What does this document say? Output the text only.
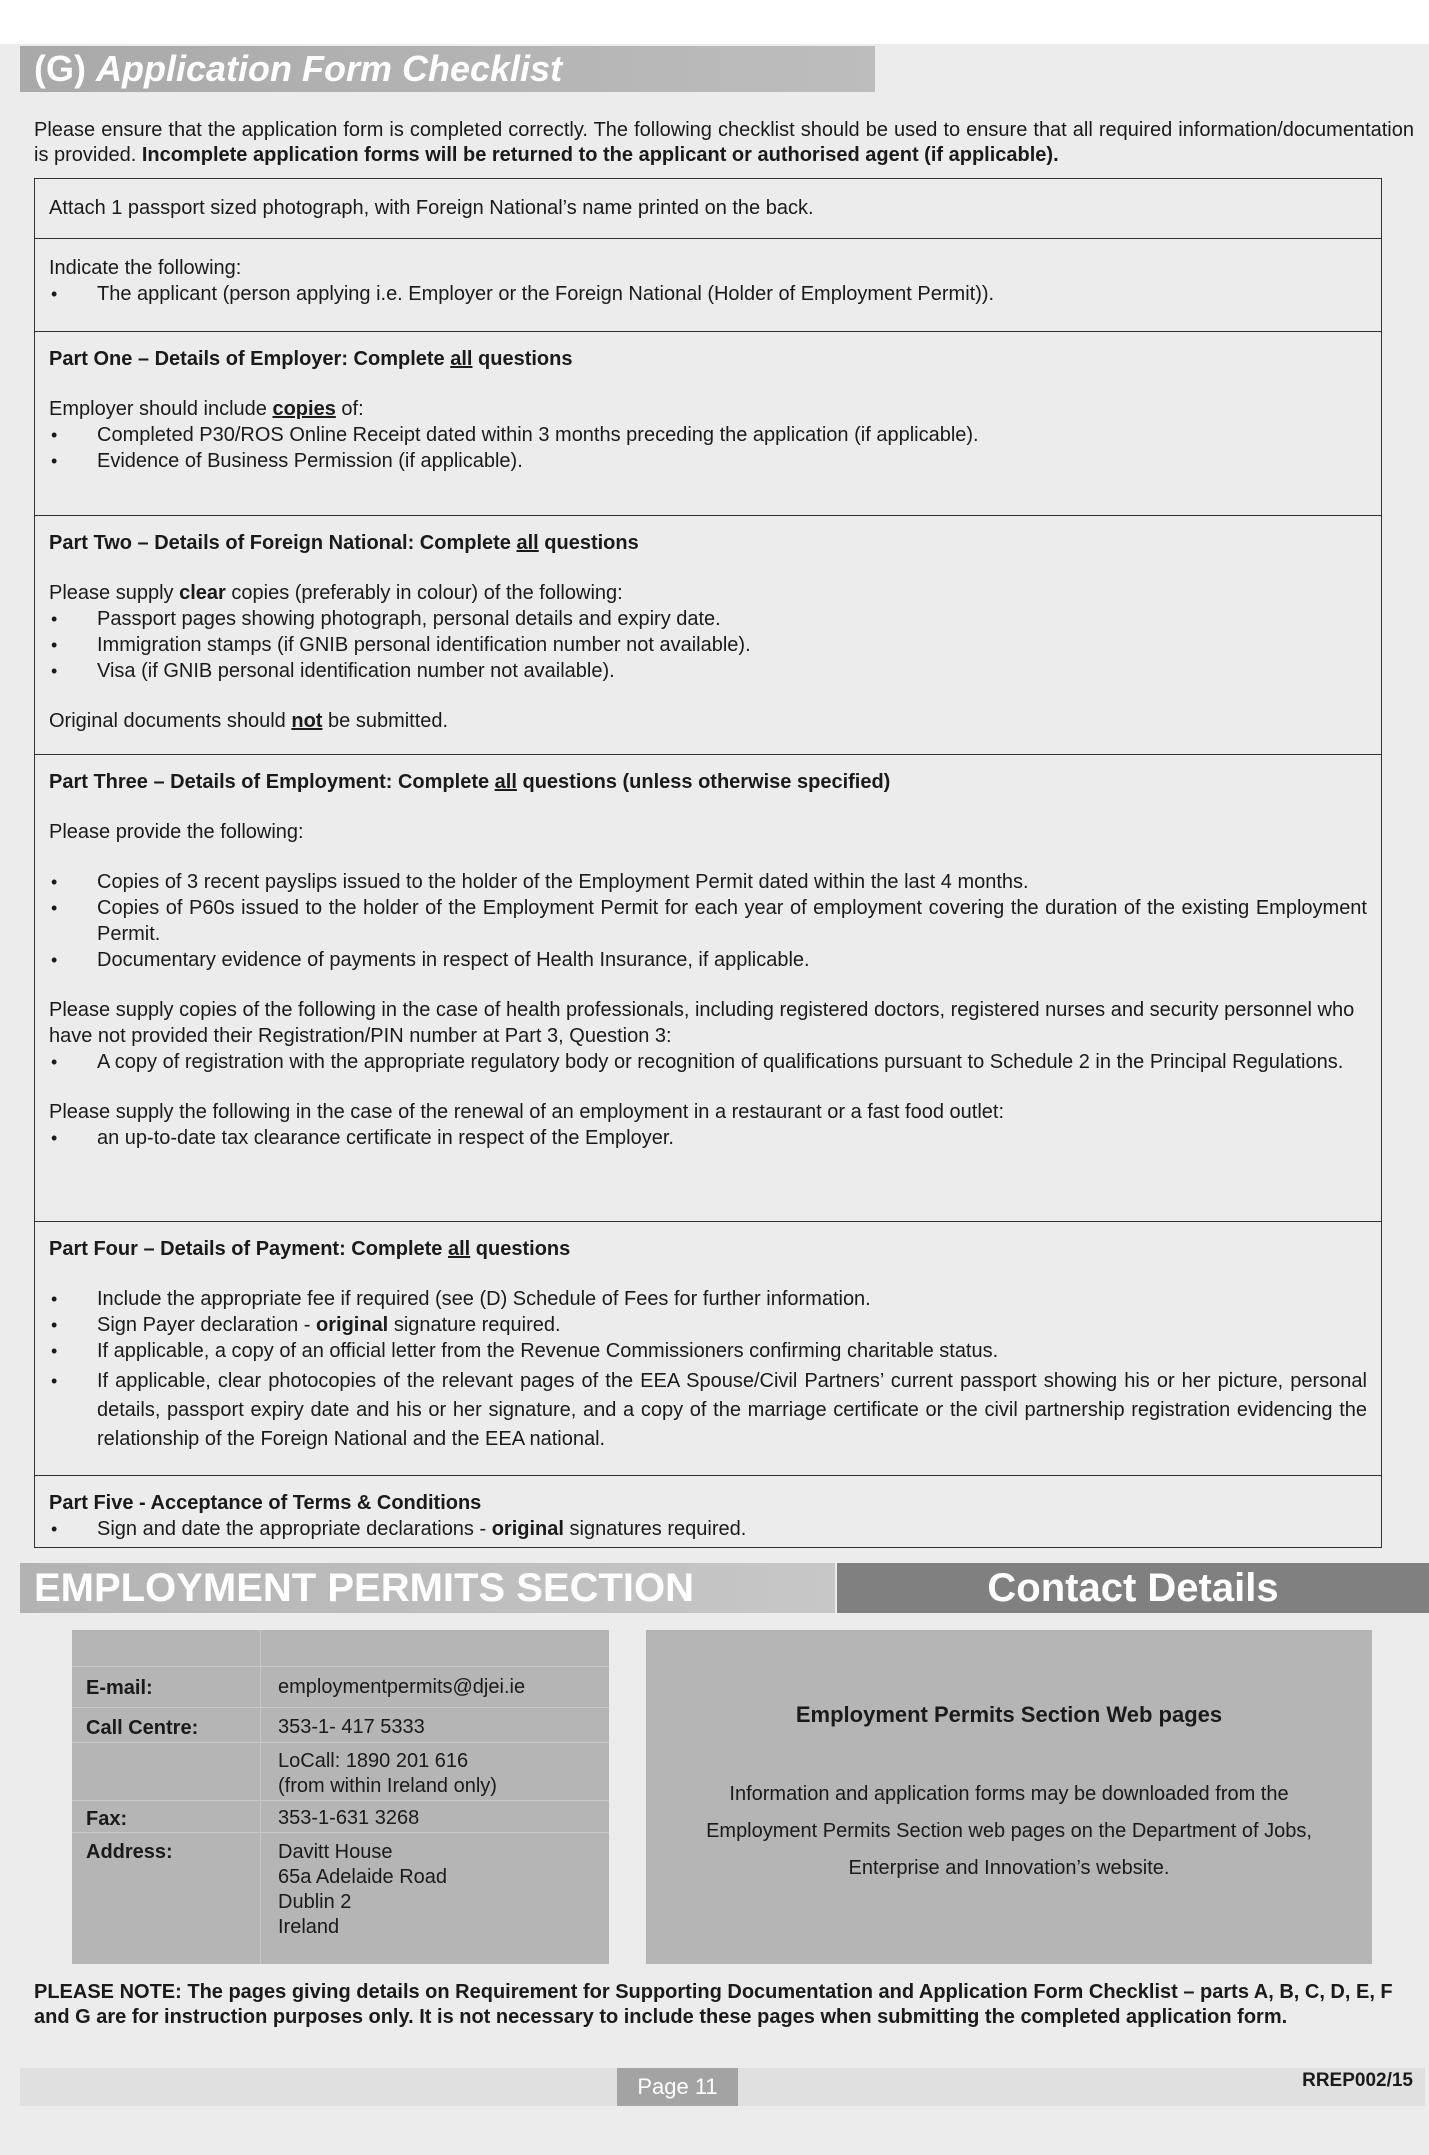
(G) Application Form Checklist
Please ensure that the application form is completed correctly. The following checklist should be used to ensure that all required information/documentation is provided. Incomplete application forms will be returned to the applicant or authorised agent (if applicable).

Attach 1 passport sized photograph, with Foreign National’s name printed on the back.

Indicate the following:

• The applicant (person applying i.e. Employer or the Foreign National (Holder of Employment Permit)).

Part One – Details of Employer: Complete all questions

Employer should include copies of:

• Completed P30/ROS Online Receipt dated within 3 months preceding the application (if applicable).
• Evidence of Business Permission (if applicable).

Part Two – Details of Foreign National: Complete all questions

Please supply clear copies (preferably in colour) of the following:

• Passport pages showing photograph, personal details and expiry date.
• Immigration stamps (if GNIB personal identification number not available).
• Visa (if GNIB personal identification number not available).

Original documents should not be submitted.

Part Three – Details of Employment: Complete all questions (unless otherwise specified)

Please provide the following:

• Copies of 3 recent payslips issued to the holder of the Employment Permit dated within the last 4 months.
• Copies of P60s issued to the holder of the Employment Permit for each year of employment covering the duration of the existing Employment Permit.
• Documentary evidence of payments in respect of Health Insurance, if applicable.

Please supply copies of the following in the case of health professionals, including registered doctors, registered nurses and security personnel who have not provided their Registration/PIN number at Part 3, Question 3:

• A copy of registration with the appropriate regulatory body or recognition of qualifications pursuant to Schedule 2 in the Principal Regulations.

Please supply the following in the case of the renewal of an employment in a restaurant or a fast food outlet:

• an up-to-date tax clearance certificate in respect of the Employer.

Part Four – Details of Payment: Complete all questions

• Include the appropriate fee if required (see (D) Schedule of Fees for further information.
• Sign Payer declaration - original signature required.
• If applicable, a copy of an official letter from the Revenue Commissioners confirming charitable status.
• If applicable, clear photocopies of the relevant pages of the EEA Spouse/Civil Partners’ current passport showing his or her picture, personal details, passport expiry date and his or her signature, and a copy of the marriage certificate or the civil partnership registration evidencing the relationship of the Foreign National and the EEA national.

Part Five - Acceptance of Terms & Conditions

• Sign and date the appropriate declarations - original signatures required.
EMPLOYMENT PERMITS SECTION	Contact Details
E-mail:	employmentpermits@djei.ie
Call Centre:	353-1- 417 5333
LoCall: 1890 201 616
(from within Ireland only)
Fax:	353-1-631 3268
Address:	Davitt House
65a Adelaide Road
Dublin 2
Ireland
Employment Permits Section Web pages
Information and application forms may be downloaded from the Employment Permits Section web pages on the Department of Jobs, Enterprise and Innovation’s website.
PLEASE NOTE: The pages giving details on Requirement for Supporting Documentation and Application Form Checklist – parts A, B, C, D, E, F and G are for instruction purposes only. It is not necessary to include these pages when submitting the completed application form.
Page 11	RREP002/15
